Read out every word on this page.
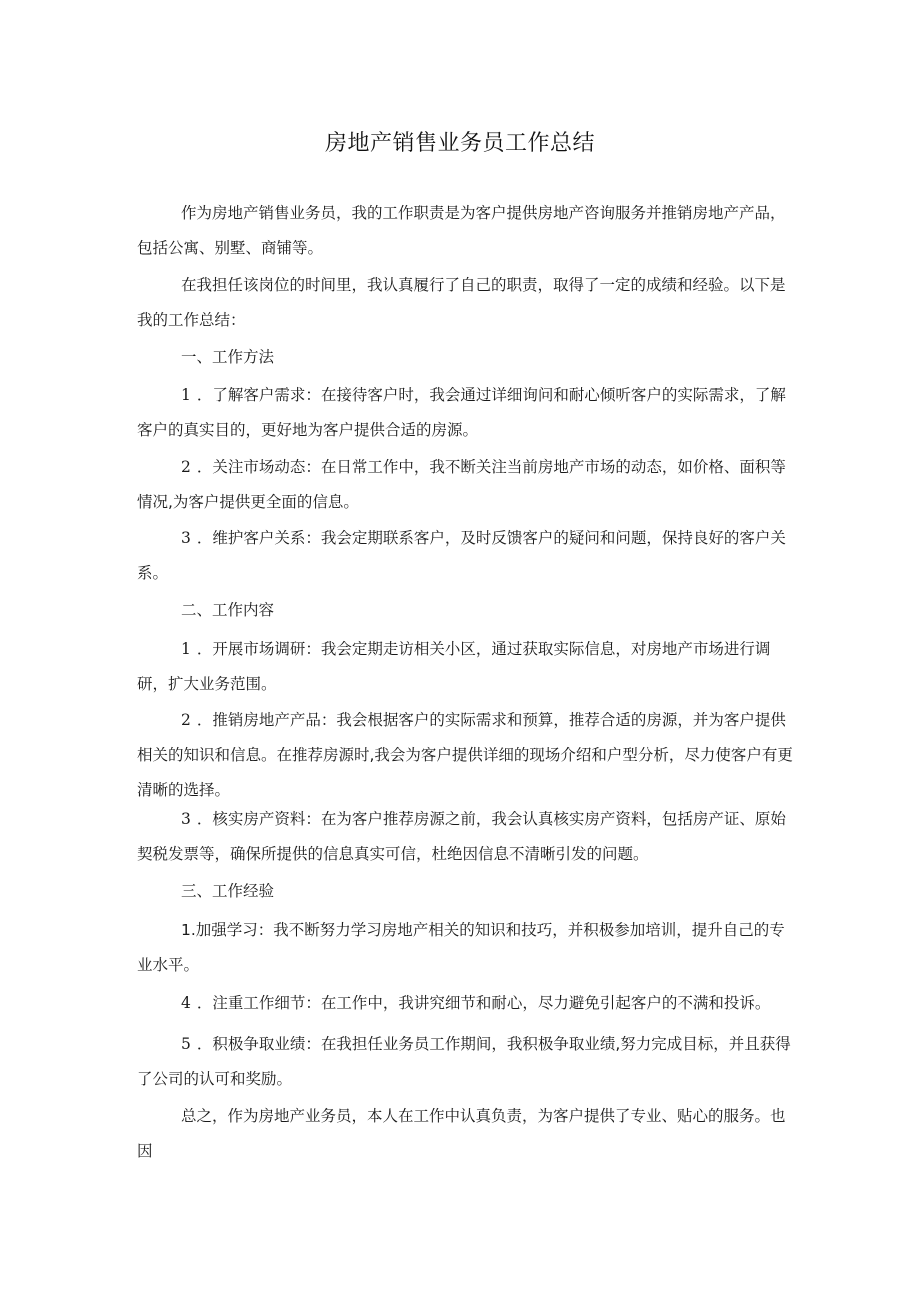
房地产销售业务员工作总结

作为房地产销售业务员，我的工作职责是为客户提供房地产咨询服务并推销房地产产品，包括公寓、别墅、商铺等。

在我担任该岗位的时间里，我认真履行了自己的职责，取得了一定的成绩和经验。以下是我的工作总结：

一、工作方法

1 ．了解客户需求：在接待客户时，我会通过详细询问和耐心倾听客户的实际需求，了解客户的真实目的，更好地为客户提供合适的房源。

2 ．关注市场动态：在日常工作中，我不断关注当前房地产市场的动态，如价格、面积等情况,为客户提供更全面的信息。

3 ．维护客户关系：我会定期联系客户，及时反馈客户的疑问和问题，保持良好的客户关系。

二、工作内容

1 ．开展市场调研：我会定期走访相关小区，通过获取实际信息，对房地产市场进行调研，扩大业务范围。

2 ．推销房地产产品：我会根据客户的实际需求和预算，推荐合适的房源，并为客户提供相关的知识和信息。在推荐房源时,我会为客户提供详细的现场介绍和户型分析，尽力使客户有更清晰的选择。

3 ．核实房产资料：在为客户推荐房源之前，我会认真核实房产资料，包括房产证、原始契税发票等，确保所提供的信息真实可信，杜绝因信息不清晰引发的问题。

三、工作经验

1.加强学习：我不断努力学习房地产相关的知识和技巧，并积极参加培训，提升自己的专业水平。

4 ．注重工作细节：在工作中，我讲究细节和耐心，尽力避免引起客户的不满和投诉。

5 ．积极争取业绩：在我担任业务员工作期间，我积极争取业绩,努力完成目标，并且获得了公司的认可和奖励。

总之，作为房地产业务员，本人在工作中认真负责，为客户提供了专业、贴心的服务。也因
